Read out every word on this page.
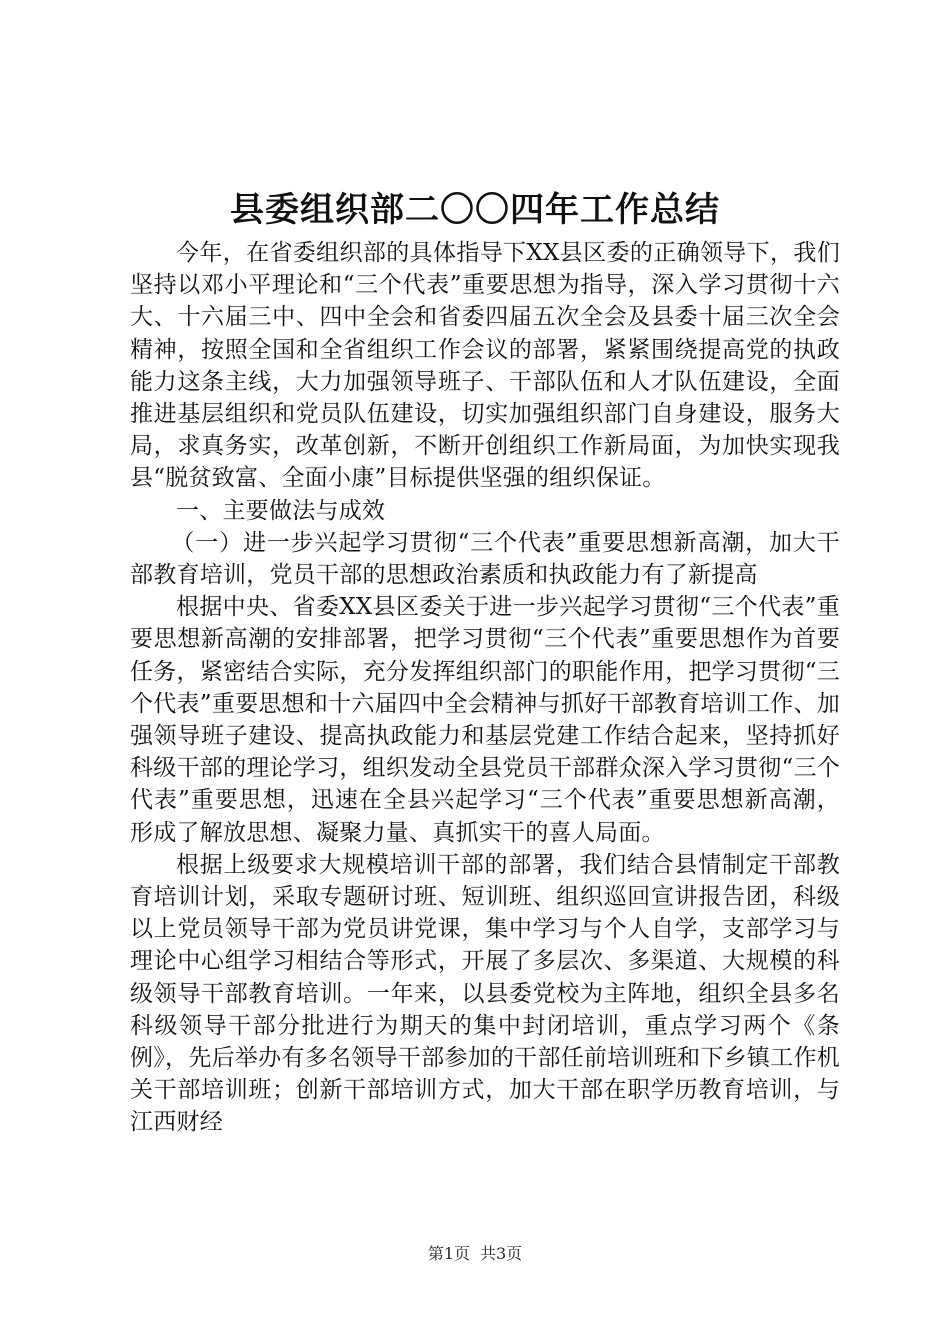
县委组织部二〇〇四年工作总结

今年，在省委组织部的具体指导下XX县区委的正确领导下，我们坚持以邓小平理论和“三个代表”重要思想为指导，深入学习贯彻十六大、十六届三中、四中全会和省委四届五次全会及县委十届三次全会精神，按照全国和全省组织工作会议的部署，紧紧围绕提高党的执政能力这条主线，大力加强领导班子、干部队伍和人才队伍建设，全面推进基层组织和党员队伍建设，切实加强组织部门自身建设，服务大局，求真务实，改革创新，不断开创组织工作新局面，为加快实现我县“脱贫致富、全面小康”目标提供坚强的组织保证。

一、主要做法与成效

（一）进一步兴起学习贯彻“三个代表”重要思想新高潮，加大干部教育培训，党员干部的思想政治素质和执政能力有了新提高

根据中央、省委XX县区委关于进一步兴起学习贯彻“三个代表”重要思想新高潮的安排部署，把学习贯彻“三个代表”重要思想作为首要任务，紧密结合实际，充分发挥组织部门的职能作用，把学习贯彻“三个代表”重要思想和十六届四中全会精神与抓好干部教育培训工作、加强领导班子建设、提高执政能力和基层党建工作结合起来，坚持抓好科级干部的理论学习，组织发动全县党员干部群众深入学习贯彻“三个代表”重要思想，迅速在全县兴起学习“三个代表”重要思想新高潮，形成了解放思想、凝聚力量、真抓实干的喜人局面。

根据上级要求大规模培训干部的部署，我们结合县情制定干部教育培训计划，采取专题研讨班、短训班、组织巡回宣讲报告团，科级以上党员领导干部为党员讲党课，集中学习与个人自学，支部学习与理论中心组学习相结合等形式，开展了多层次、多渠道、大规模的科级领导干部教育培训。一年来，以县委党校为主阵地，组织全县多名科级领导干部分批进行为期天的集中封闭培训，重点学习两个《条例》，先后举办有多名领导干部参加的干部任前培训班和下乡镇工作机关干部培训班；创新干部培训方式，加大干部在职学历教育培训，与江西财经

第1页 共3页
